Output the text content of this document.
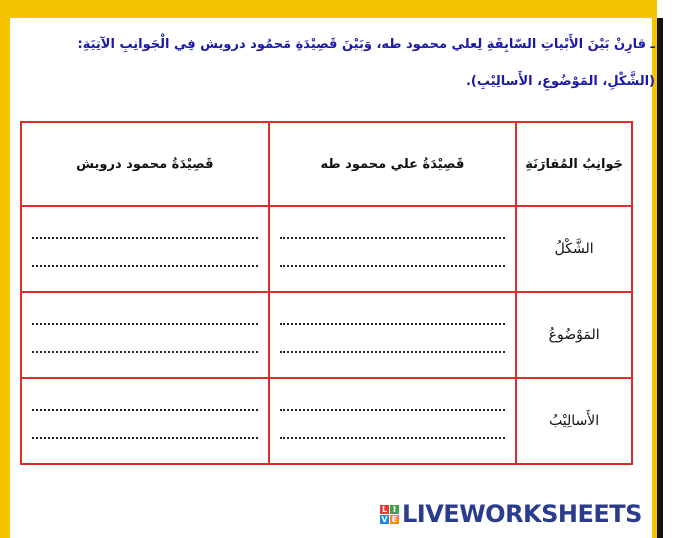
ـ قارِنْ بَيْنَ الأَبْياتِ السّابِقَةِ لِعلي محمود طه، وَبَيْنَ قَصِيْدَةِ مَحمُود درويش فِي الْجَوانِبِ الآتِيَةِ:
(الشَّكْلِ، المَوْضُوعِ، الأَسالِيْبِ).
جَوانِبُ المُقارَنَةِ	قَصِيْدَةُ علي محمود طه	قَصِيْدَةُ محمود درويش
الشَّكْلُ	

المَوْضُوعُ	

الأَسالِيْبُ	

L I
V E LIVEWORKSHEETS
